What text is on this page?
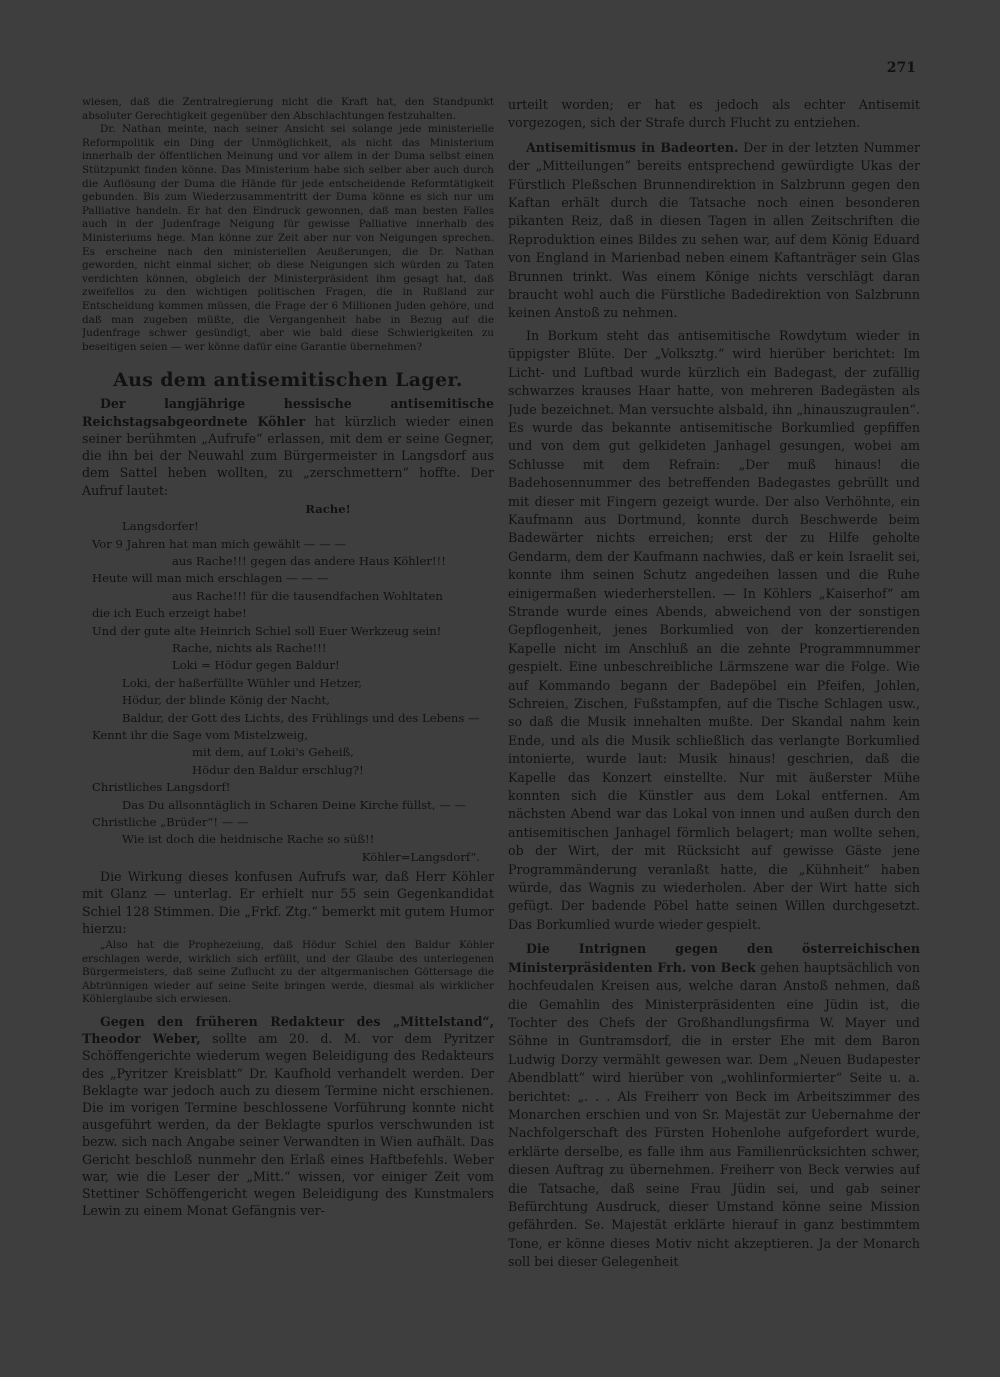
271

wiesen, daß die Zentralregierung nicht die Kraft hat, den Standpunkt absoluter Gerechtigkeit gegenüber den Abschlachtungen festzuhalten.

Dr. Nathan meinte, nach seiner Ansicht sei solange jede ministerielle Reformpolitik ein Ding der Unmöglichkeit, als nicht das Ministerium innerhalb der öffentlichen Meinung und vor allem in der Duma selbst einen Stützpunkt finden könne. Das Ministerium habe sich selber aber auch durch die Auflösung der Duma die Hände für jede entscheidende Reformtätigkeit gebunden. Bis zum Wiederzusammentritt der Duma könne es sich nur um Palliative handeln. Er hat den Eindruck gewonnen, daß man besten Falles auch in der Judenfrage Neigung für gewisse Palliative innerhalb des Ministeriums hege. Man könne zur Zeit aber nur von Neigungen sprechen. Es erscheine nach den ministeriellen Aeußerungen, die Dr. Nathan geworden, nicht einmal sicher, ob diese Neigungen sich würden zu Taten verdichten können, obgleich der Ministerpräsident ihm gesagt hat, daß zweifellos zu den wichtigen politischen Fragen, die in Rußland zur Entscheidung kommen müssen, die Frage der 6 Millionen Juden gehöre, und daß man zugeben müßte, die Vergangenheit habe in Bezug auf die Judenfrage schwer gesündigt, aber wie bald diese Schwierigkeiten zu beseitigen seien — wer könne dafür eine Garantie übernehmen?

Aus dem antisemitischen Lager.

Der langjährige hessische antisemitische Reichstagsabgeordnete Köhler hat kürzlich wieder einen seiner berühmten „Aufrufe“ erlassen, mit dem er seine Gegner, die ihn bei der Neuwahl zum Bürgermeister in Langsdorf aus dem Sattel heben wollten, zu „zerschmettern“ hoffte. Der Aufruf lautet:

Rache!
Langsdorfer!
Vor 9 Jahren hat man mich gewählt — — —
aus Rache!!! gegen das andere Haus Köhler!!!
Heute will man mich erschlagen — — —
aus Rache!!! für die tausendfachen Wohltaten
die ich Euch erzeigt habe!
Und der gute alte Heinrich Schiel soll Euer Werkzeug sein!
Rache, nichts als Rache!!!
Loki = Hödur gegen Baldur!
Loki, der haßerfüllte Wühler und Hetzer,
Hödur, der blinde König der Nacht,
Baldur, der Gott des Lichts, des Frühlings und des Lebens —
Kennt ihr die Sage vom Mistelzweig,
mit dem, auf Loki's Geheiß,
Hödur den Baldur erschlug?!
Christliches Langsdorf!
Das Du allsonntäglich in Scharen Deine Kirche füllst, — —
Christliche „Brüder“! — —
Wie ist doch die heidnische Rache so süß!!
Köhler=Langsdorf“.

Die Wirkung dieses konfusen Aufrufs war, daß Herr Köhler mit Glanz — unterlag. Er erhielt nur 55 sein Gegenkandidat Schiel 128 Stimmen. Die „Frkf. Ztg.“ bemerkt mit gutem Humor hierzu:

„Also hat die Prophezeiung, daß Hödur Schiel den Baldur Köhler erschlagen werde, wirklich sich erfüllt, und der Glaube des unterlegenen Bürgermeisters, daß seine Zuflucht zu der altgermanischen Göttersage die Abtrünnigen wieder auf seine Seite bringen werde, diesmal als wirklicher Köhlerglaube sich erwiesen.

Gegen den früheren Redakteur des „Mittelstand“, Theodor Weber, sollte am 20. d. M. vor dem Pyritzer Schöffengerichte wiederum wegen Beleidigung des Redakteurs des „Pyritzer Kreisblatt“ Dr. Kaufhold verhandelt werden. Der Beklagte war jedoch auch zu diesem Termine nicht erschienen. Die im vorigen Termine beschlossene Vorführung konnte nicht ausgeführt werden, da der Beklagte spurlos verschwunden ist bezw. sich nach Angabe seiner Verwandten in Wien aufhält. Das Gericht beschloß nunmehr den Erlaß eines Haftbefehls. Weber war, wie die Leser der „Mitt.“ wissen, vor einiger Zeit vom Stettiner Schöffengericht wegen Beleidigung des Kunstmalers Lewin zu einem Monat Gefängnis ver-

urteilt worden; er hat es jedoch als echter Antisemit vorgezogen, sich der Strafe durch Flucht zu entziehen.

Antisemitismus in Badeorten. Der in der letzten Nummer der „Mitteilungen“ bereits entsprechend gewürdigte Ukas der Fürstlich Pleßschen Brunnendirektion in Salzbrunn gegen den Kaftan erhält durch die Tatsache noch einen besonderen pikanten Reiz, daß in diesen Tagen in allen Zeitschriften die Reproduktion eines Bildes zu sehen war, auf dem König Eduard von England in Marienbad neben einem Kaftanträger sein Glas Brunnen trinkt. Was einem Könige nichts verschlägt daran braucht wohl auch die Fürstliche Badedirektion von Salzbrunn keinen Anstoß zu nehmen.

In Borkum steht das antisemitische Rowdytum wieder in üppigster Blüte. Der „Volksztg.“ wird hierüber berichtet: Im Licht- und Luftbad wurde kürzlich ein Badegast, der zufällig schwarzes krauses Haar hatte, von mehreren Badegästen als Jude bezeichnet. Man versuchte alsbald, ihn „hinauszugraulen“. Es wurde das bekannte antisemitische Borkumlied gepfiffen und von dem gut gelkideten Janhagel gesungen, wobei am Schlusse mit dem Refrain: „Der muß hinaus! die Badehosennummer des betreffenden Badegastes gebrüllt und mit dieser mit Fingern gezeigt wurde. Der also Verhöhnte, ein Kaufmann aus Dortmund, konnte durch Beschwerde beim Badewärter nichts erreichen; erst der zu Hilfe geholte Gendarm, dem der Kaufmann nachwies, daß er kein Israelit sei, konnte ihm seinen Schutz angedeihen lassen und die Ruhe einigermaßen wiederherstellen. — In Köhlers „Kaiserhof“ am Strande wurde eines Abends, abweichend von der sonstigen Gepflogenheit, jenes Borkumlied von der konzertierenden Kapelle nicht im Anschluß an die zehnte Programmnummer gespielt. Eine unbeschreibliche Lärmszene war die Folge. Wie auf Kommando begann der Badepöbel ein Pfeifen, Johlen, Schreien, Zischen, Fußstampfen, auf die Tische Schlagen usw., so daß die Musik innehalten mußte. Der Skandal nahm kein Ende, und als die Musik schließlich das verlangte Borkumlied intonierte, wurde laut: Musik hinaus! geschrien, daß die Kapelle das Konzert einstellte. Nur mit äußerster Mühe konnten sich die Künstler aus dem Lokal entfernen. Am nächsten Abend war das Lokal von innen und außen durch den antisemitischen Janhagel förmlich belagert; man wollte sehen, ob der Wirt, der mit Rücksicht auf gewisse Gäste jene Programmänderung veranlaßt hatte, die „Kühnheit“ haben würde, das Wagnis zu wiederholen. Aber der Wirt hatte sich gefügt. Der badende Pöbel hatte seinen Willen durchgesetzt. Das Borkumlied wurde wieder gespielt.

Die Intrignen gegen den österreichischen Ministerpräsidenten Frh. von Beck gehen hauptsächlich von hochfeudalen Kreisen aus, welche daran Anstoß nehmen, daß die Gemahlin des Ministerpräsidenten eine Jüdin ist, die Tochter des Chefs der Großhandlungsfirma W. Mayer und Söhne in Guntramsdorf, die in erster Ehe mit dem Baron Ludwig Dorzy vermählt gewesen war. Dem „Neuen Budapester Abendblatt“ wird hierüber von „wohlinformierter“ Seite u. a. berichtet: „. . . Als Freiherr von Beck im Arbeitszimmer des Monarchen erschien und von Sr. Majestät zur Uebernahme der Nachfolgerschaft des Fürsten Hohenlohe aufgefordert wurde, erklärte derselbe, es falle ihm aus Familienrücksichten schwer, diesen Auftrag zu übernehmen. Freiherr von Beck verwies auf die Tatsache, daß seine Frau Jüdin sei, und gab seiner Befürchtung Ausdruck, dieser Umstand könne seine Mission gefährden. Se. Majestät erklärte hierauf in ganz bestimmtem Tone, er könne dieses Motiv nicht akzeptieren. Ja der Monarch soll bei dieser Gelegenheit
